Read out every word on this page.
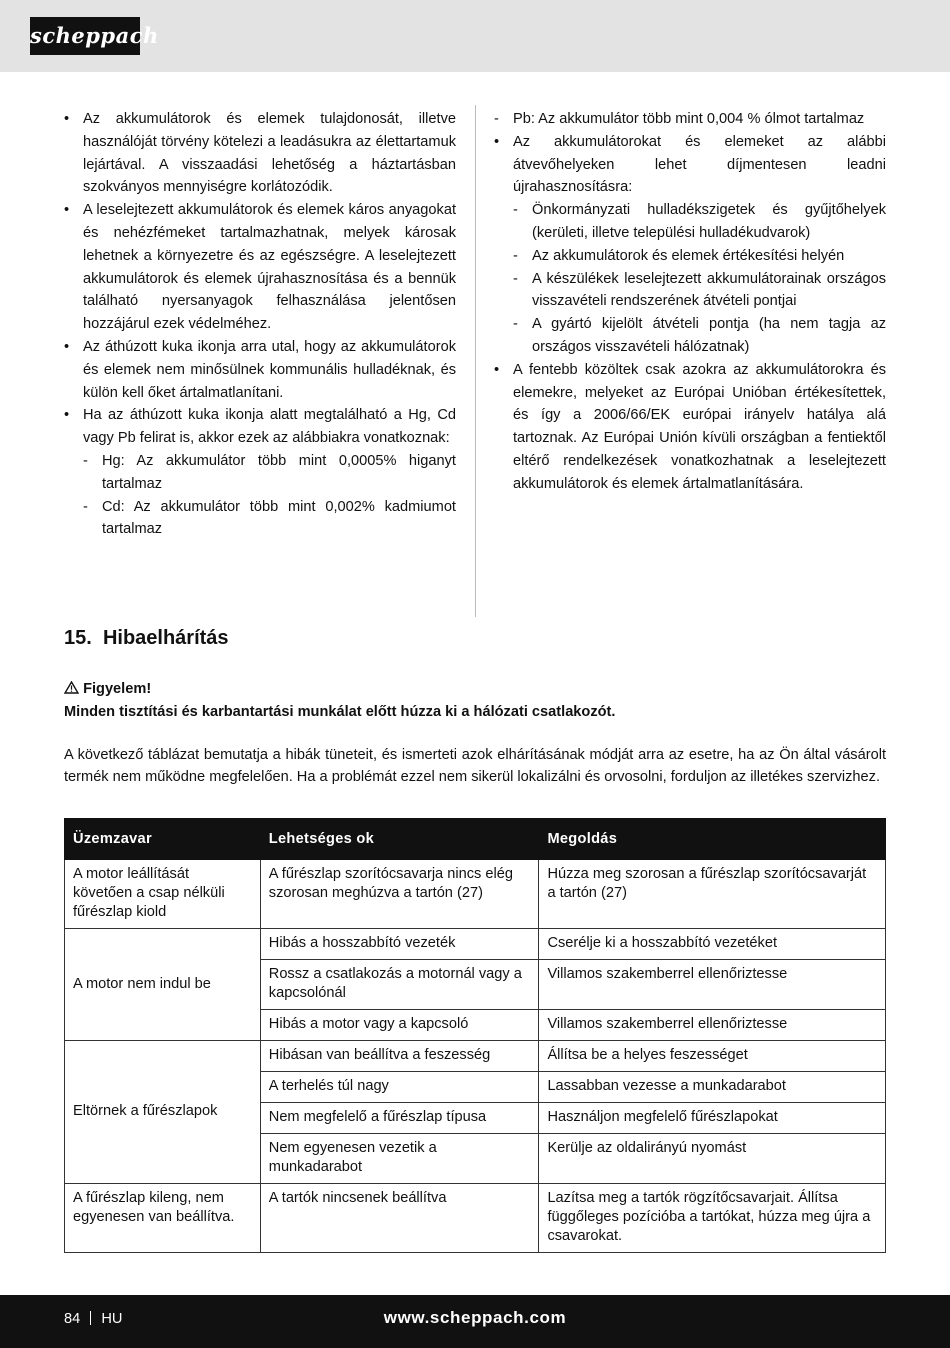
scheppach
• Az akkumulátorok és elemek tulajdonosát, illetve használóját törvény kötelezi a leadásukra az élettartamuk lejártával. A visszaadási lehetőség a háztartásban szokványos mennyiségre korlátozódik.
• A leselejtezett akkumulátorok és elemek káros anyagokat és nehézfémeket tartalmazhatnak, melyek károsak lehetnek a környezetre és az egészségre. A leselejtezett akkumulátorok és elemek újrahasznosítása és a bennük található nyersanyagok felhasználása jelentősen hozzájárul ezek védelméhez.
• Az áthúzott kuka ikonja arra utal, hogy az akkumulátorok és elemek nem minősülnek kommunális hulladéknak, és külön kell őket ártalmatlanítani.
• Ha az áthúzott kuka ikonja alatt megtalálható a Hg, Cd vagy Pb felirat is, akkor ezek az alábbiakra vonatkoznak:
- Hg: Az akkumulátor több mint 0,0005% higanyt tartalmaz
- Cd: Az akkumulátor több mint 0,002% kadmiumot tartalmaz
- Pb: Az akkumulátor több mint 0,004 % ólmot tartalmaz
• Az akkumulátorokat és elemeket az alábbi átvevőhelyeken lehet díjmentesen leadni újrahasznosításra:
- Önkormányzati hulladékszigetek és gyűjtőhelyek (kerületi, illetve települési hulladékudvarok)
- Az akkumulátorok és elemek értékesítési helyén
- A készülékek leselejtezett akkumulátorainak országos visszavételi rendszerének átvételi pontjai
- A gyártó kijelölt átvételi pontja (ha nem tagja az országos visszavételi hálózatnak)
• A fentebb közöltek csak azokra az akkumulátorokra és elemekre, melyeket az Európai Unióban értékesítettek, és így a 2006/66/EK európai irányelv hatálya alá tartoznak. Az Európai Unión kívüli országban a fentiektől eltérő rendelkezések vonatkozhatnak a leselejtezett akkumulátorok és elemek ártalmatlanítására.
15. Hibaelhárítás
Figyelem!
Minden tisztítási és karbantartási munkálat előtt húzza ki a hálózati csatlakozót.
A következő táblázat bemutatja a hibák tüneteit, és ismerteti azok elhárításának módját arra az esetre, ha az Ön által vásárolt termék nem működne megfelelően. Ha a problémát ezzel nem sikerül lokalizálni és orvosolni, forduljon az illetékes szervizhez.
Üzemzavar	Lehetséges ok	Megoldás
A motor leállítását követően a csap nélküli fűrészlap kiold	A fűrészlap szorítócsavarja nincs elég szorosan meghúzva a tartón (27)	Húzza meg szorosan a fűrészlap szorítócsavarját a tartón (27)
A motor nem indul be	Hibás a hosszabbító vezeték	Cserélje ki a hosszabbító vezetéket
	Rossz a csatlakozás a motornál vagy a kapcsolónál	Villamos szakemberrel ellenőriztesse
	Hibás a motor vagy a kapcsoló	Villamos szakemberrel ellenőriztesse
Eltörnek a fűrészlapok	Hibásan van beállítva a feszesség	Állítsa be a helyes feszességet
	A terhelés túl nagy	Lassabban vezesse a munkadarabot
	Nem megfelelő a fűrészlap típusa	Használjon megfelelő fűrészlapokat
	Nem egyenesen vezetik a munkadarabot	Kerülje az oldalirányú nyomást
A fűrészlap kileng, nem egyenesen van beállítva.	A tartók nincsenek beállítva	Lazítsa meg a tartók rögzítőcsavarjait. Állítsa függőleges pozícióba a tartókat, húzza meg újra a csavarokat.
84 HU	www.scheppach.com
